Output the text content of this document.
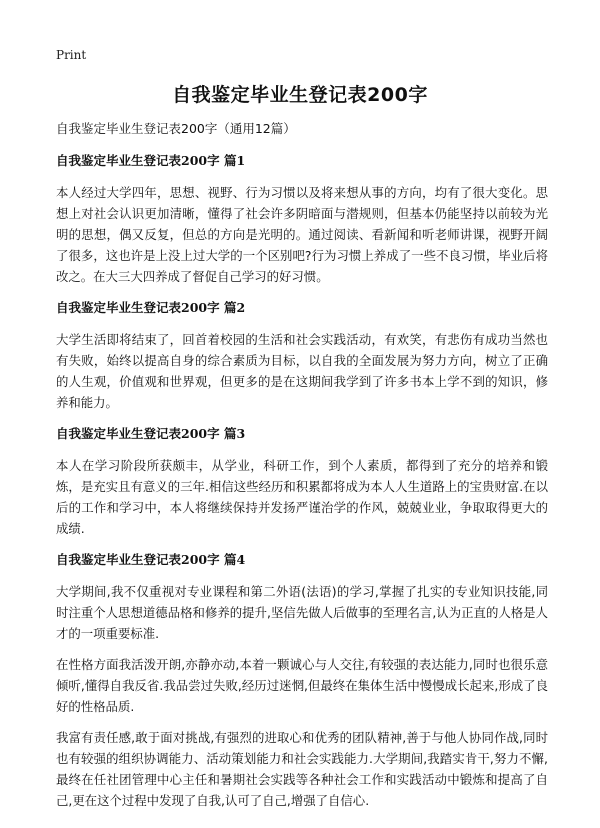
Print
自我鉴定毕业生登记表200字

自我鉴定毕业生登记表200字（通用12篇）

自我鉴定毕业生登记表200字 篇1

本人经过大学四年，思想、视野、行为习惯以及将来想从事的方向，均有了很大变化。思想上对社会认识更加清晰，懂得了社会许多阴暗面与潜规则，但基本仍能坚持以前较为光明的思想，偶又反复，但总的方向是光明的。通过阅读、看新闻和听老师讲课，视野开阔了很多，这也许是上没上过大学的一个区别吧?行为习惯上养成了一些不良习惯，毕业后将改之。在大三大四养成了督促自己学习的好习惯。

自我鉴定毕业生登记表200字 篇2

大学生活即将结束了，回首着校园的生活和社会实践活动，有欢笑，有悲伤有成功当然也有失败，始终以提高自身的综合素质为目标，以自我的全面发展为努力方向，树立了正确的人生观，价值观和世界观，但更多的是在这期间我学到了许多书本上学不到的知识，修养和能力。

自我鉴定毕业生登记表200字 篇3

本人在学习阶段所获颇丰，从学业，科研工作，到个人素质，都得到了充分的培养和锻炼，是充实且有意义的三年.相信这些经历和积累都将成为本人人生道路上的宝贵财富.在以后的工作和学习中，本人将继续保持并发扬严谨治学的作风，兢兢业业，争取取得更大的成绩.

自我鉴定毕业生登记表200字 篇4

大学期间,我不仅重视对专业课程和第二外语(法语)的学习,掌握了扎实的专业知识技能,同时注重个人思想道德品格和修养的提升,坚信先做人后做事的至理名言,认为正直的人格是人才的一项重要标准.

在性格方面我活泼开朗,亦静亦动,本着一颗诚心与人交往,有较强的表达能力,同时也很乐意倾听,懂得自我反省.我品尝过失败,经历过迷惘,但最终在集体生活中慢慢成长起来,形成了良好的性格品质.

我富有责任感,敢于面对挑战,有强烈的进取心和优秀的团队精神,善于与他人协同作战,同时也有较强的组织协调能力、活动策划能力和社会实践能力.大学期间,我踏实肯干,努力不懈,最终在任社团管理中心主任和暑期社会实践等各种社会工作和实践活动中锻炼和提高了自己,更在这个过程中发现了自我,认可了自己,增强了自信心.
